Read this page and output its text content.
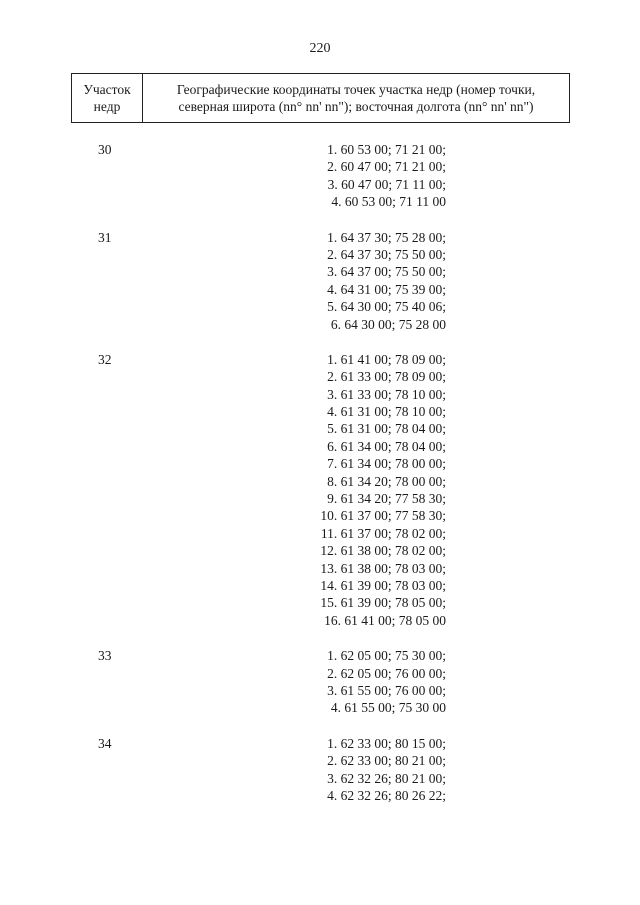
220
Участок
недр
Географические координаты точек участка недр (номер точки,
северная широта (nn° nn' nn"); восточная долгота (nn° nn' nn")
30	1. 60 53 00; 71 21 00;
2. 60 47 00; 71 21 00;
3. 60 47 00; 71 11 00;
4. 60 53 00; 71 11 00
31	1. 64 37 30; 75 28 00;
2. 64 37 30; 75 50 00;
3. 64 37 00; 75 50 00;
4. 64 31 00; 75 39 00;
5. 64 30 00; 75 40 06;
6. 64 30 00; 75 28 00
32	1. 61 41 00; 78 09 00;
2. 61 33 00; 78 09 00;
3. 61 33 00; 78 10 00;
4. 61 31 00; 78 10 00;
5. 61 31 00; 78 04 00;
6. 61 34 00; 78 04 00;
7. 61 34 00; 78 00 00;
8. 61 34 20; 78 00 00;
9. 61 34 20; 77 58 30;
10. 61 37 00; 77 58 30;
11. 61 37 00; 78 02 00;
12. 61 38 00; 78 02 00;
13. 61 38 00; 78 03 00;
14. 61 39 00; 78 03 00;
15. 61 39 00; 78 05 00;
16. 61 41 00; 78 05 00
33	1. 62 05 00; 75 30 00;
2. 62 05 00; 76 00 00;
3. 61 55 00; 76 00 00;
4. 61 55 00; 75 30 00
34	1. 62 33 00; 80 15 00;
2. 62 33 00; 80 21 00;
3. 62 32 26; 80 21 00;
4. 62 32 26; 80 26 22;
